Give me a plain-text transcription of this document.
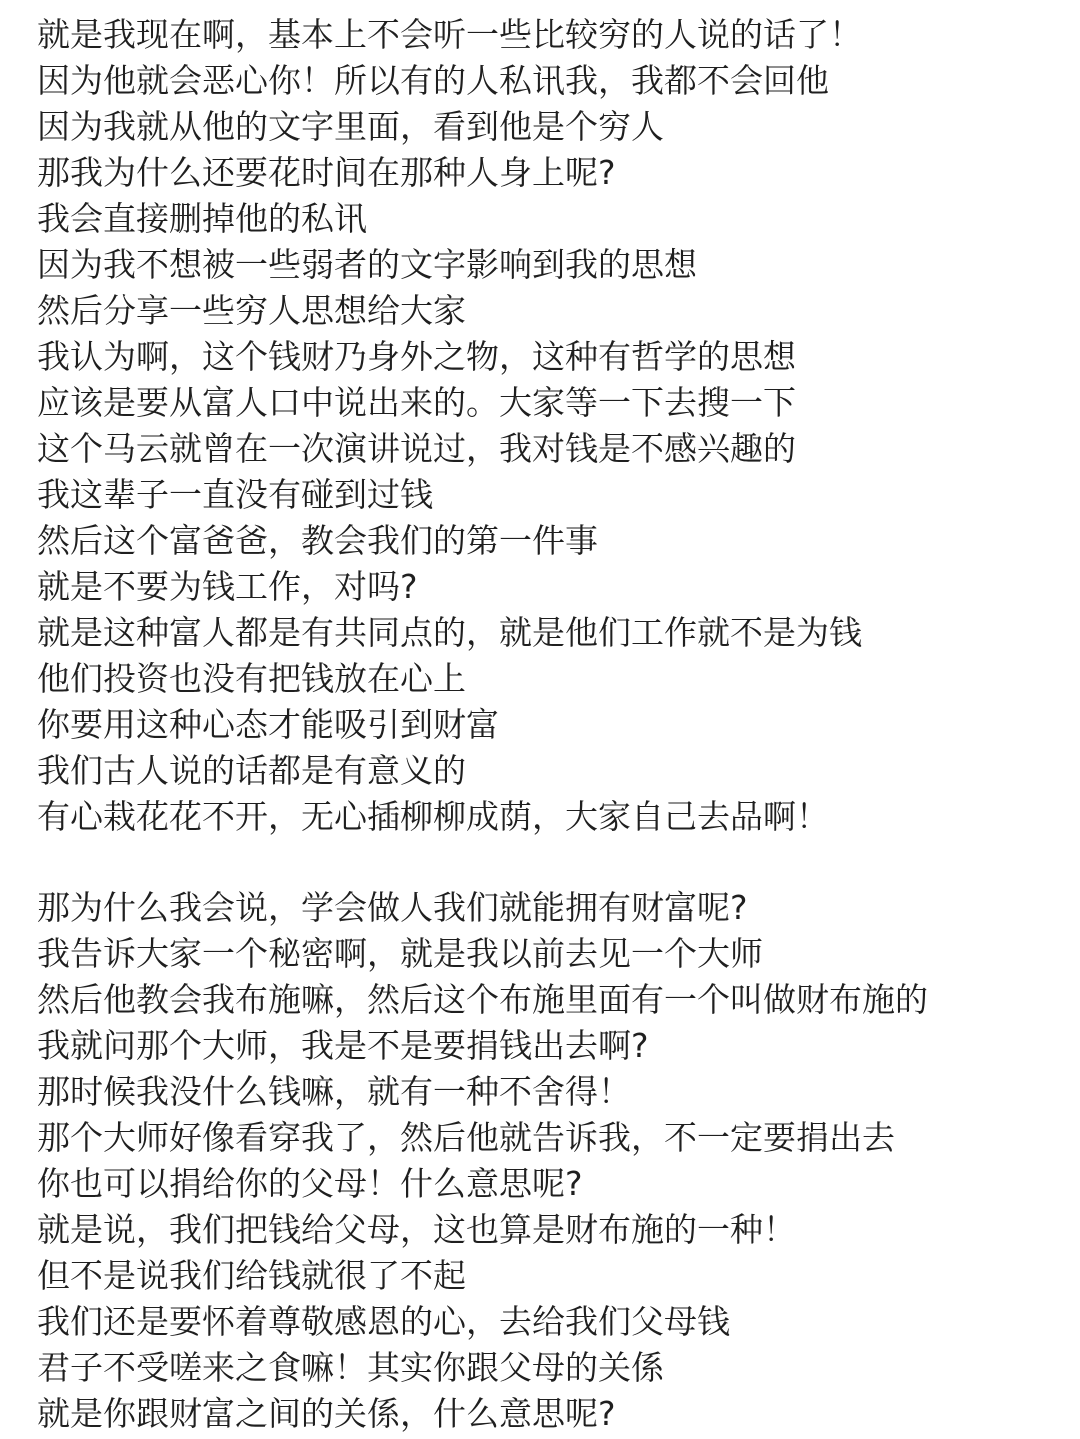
就是我现在啊，基本上不会听一些比较穷的人说的话了！
因为他就会恶心你！所以有的人私讯我，我都不会回他
因为我就从他的文字里面，看到他是个穷人
那我为什么还要花时间在那种人身上呢?
我会直接删掉他的私讯
因为我不想被一些弱者的文字影响到我的思想
然后分享一些穷人思想给大家
我认为啊，这个钱财乃身外之物，这种有哲学的思想
应该是要从富人口中说出来的。大家等一下去搜一下
这个马云就曾在一次演讲说过，我对钱是不感兴趣的
我这辈子一直没有碰到过钱
然后这个富爸爸，教会我们的第一件事
就是不要为钱工作，对吗?
就是这种富人都是有共同点的，就是他们工作就不是为钱
他们投资也没有把钱放在心上
你要用这种心态才能吸引到财富
我们古人说的话都是有意义的
有心栽花花不开，无心插柳柳成荫，大家自己去品啊！
那为什么我会说，学会做人我们就能拥有财富呢?
我告诉大家一个秘密啊，就是我以前去见一个大师
然后他教会我布施嘛，然后这个布施里面有一个叫做财布施的
我就问那个大师，我是不是要捐钱出去啊?
那时候我没什么钱嘛，就有一种不舍得！
那个大师好像看穿我了，然后他就告诉我，不一定要捐出去
你也可以捐给你的父母！什么意思呢?
就是说，我们把钱给父母，这也算是财布施的一种！
但不是说我们给钱就很了不起
我们还是要怀着尊敬感恩的心，去给我们父母钱
君子不受嗟来之食嘛！其实你跟父母的关係
就是你跟财富之间的关係，什么意思呢?
